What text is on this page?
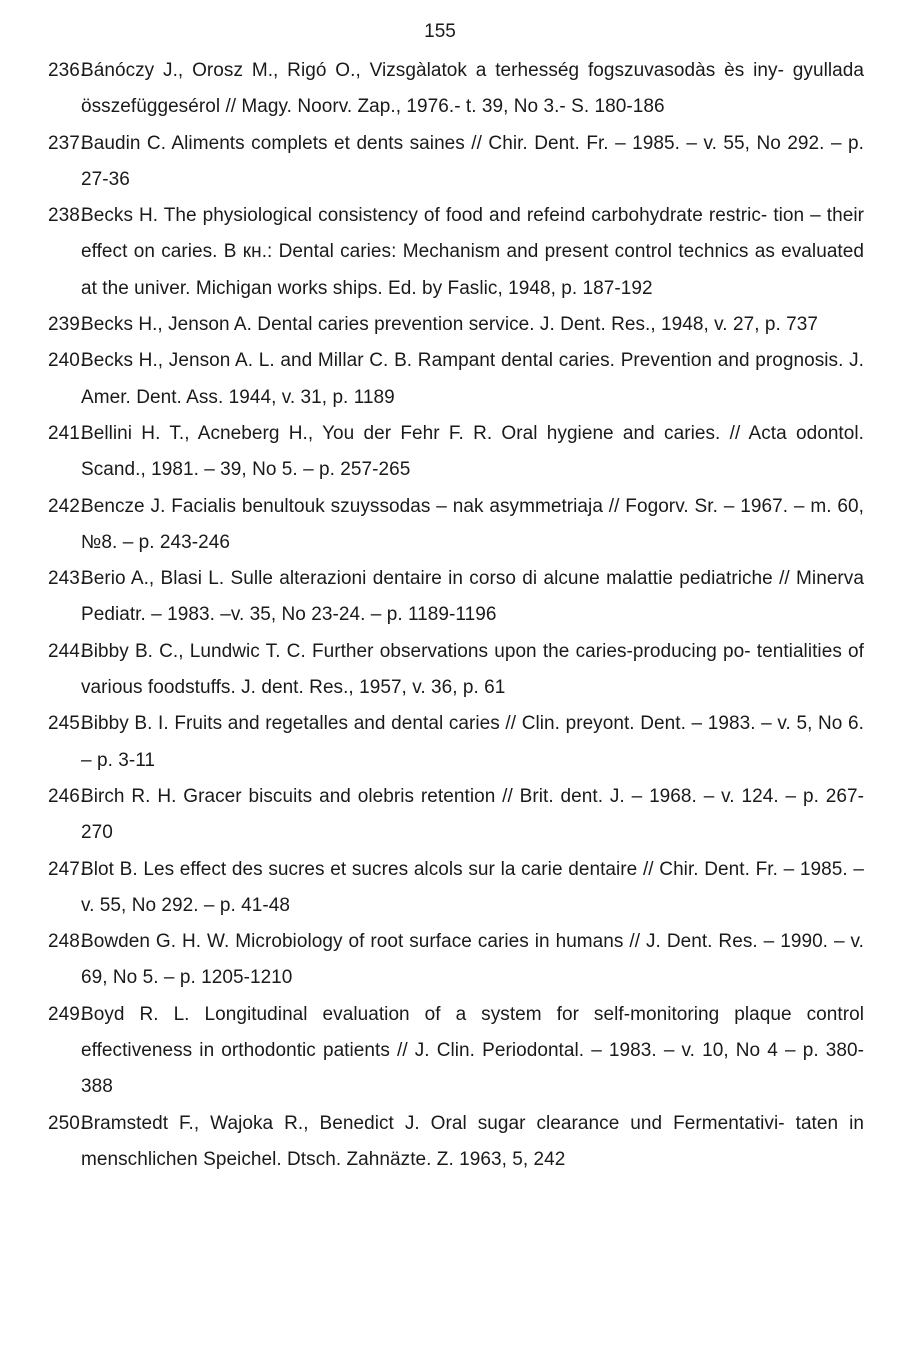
155
236.
Bánóczy J., Orosz M., Rigó O., Vizsgàlatok a terhesség fogszuvasodàs ès iny- gyullada összefüggesérol // Magy. Noorv. Zap., 1976.- t. 39, No 3.- S. 180-186
237.
Baudin C. Aliments complets et dents saines // Chir. Dent. Fr. – 1985. – v. 55, No 292. – p. 27-36
238.
Becks H. The physiological consistency of food and refeind carbohydrate restric- tion – their effect on caries. В кн.: Dental caries: Mechanism and present control technics as evaluated at the univer. Michigan works ships. Ed. by Faslic, 1948, p. 187-192
239.
Becks H., Jenson A. Dental caries prevention service. J. Dent. Res., 1948, v. 27, p. 737
240.
Becks H., Jenson A. L. and Millar C. B. Rampant dental caries. Prevention and prognosis. J. Amer. Dent. Ass. 1944, v. 31, p. 1189
241.
Bellini H. T., Acneberg H., You der Fehr F. R. Oral hygiene and caries. // Acta odontol. Scand., 1981. – 39, No 5. – p. 257-265
242.
Bencze J. Facialis benultouk szuyssodas – nak asymmetriaja // Fogorv. Sr. – 1967. – m. 60, №8. – p. 243-246
243.
Berio A., Blasi L. Sulle alterazioni dentaire in corso di alcune malattie pediatriche // Minerva Pediatr. – 1983. –v. 35, No 23-24. – p. 1189-1196
244.
Bibby B. C., Lundwic T. C. Further observations upon the caries-producing po- tentialities of various foodstuffs. J. dent. Res., 1957, v. 36, p. 61
245.
Bibby B. I. Fruits and regetalles and dental caries // Clin. preyont. Dent. – 1983. – v. 5, No 6. – p. 3-11
246.
Birch R. H. Gracer biscuits and olebris retention // Brit. dent. J. – 1968. – v. 124. – p. 267-270
247.
Blot B. Les effect des sucres et sucres alcols sur la carie dentaire // Chir. Dent. Fr. – 1985. – v. 55, No 292. – p. 41-48
248.
Bowden G. H. W. Microbiology of root surface caries in humans // J. Dent. Res. – 1990. – v. 69, No 5. – p. 1205-1210
249.
Boyd R. L. Longitudinal evaluation of a system for self-monitoring plaque control effectiveness in orthodontic patients // J. Clin. Periodontal. – 1983. – v. 10, No 4 – p. 380-388
250.
Bramstedt F., Wajoka R., Benedict J. Oral sugar clearance und Fermentativi- taten in menschlichen Speichel. Dtsch. Zahnäzte. Z. 1963, 5, 242
